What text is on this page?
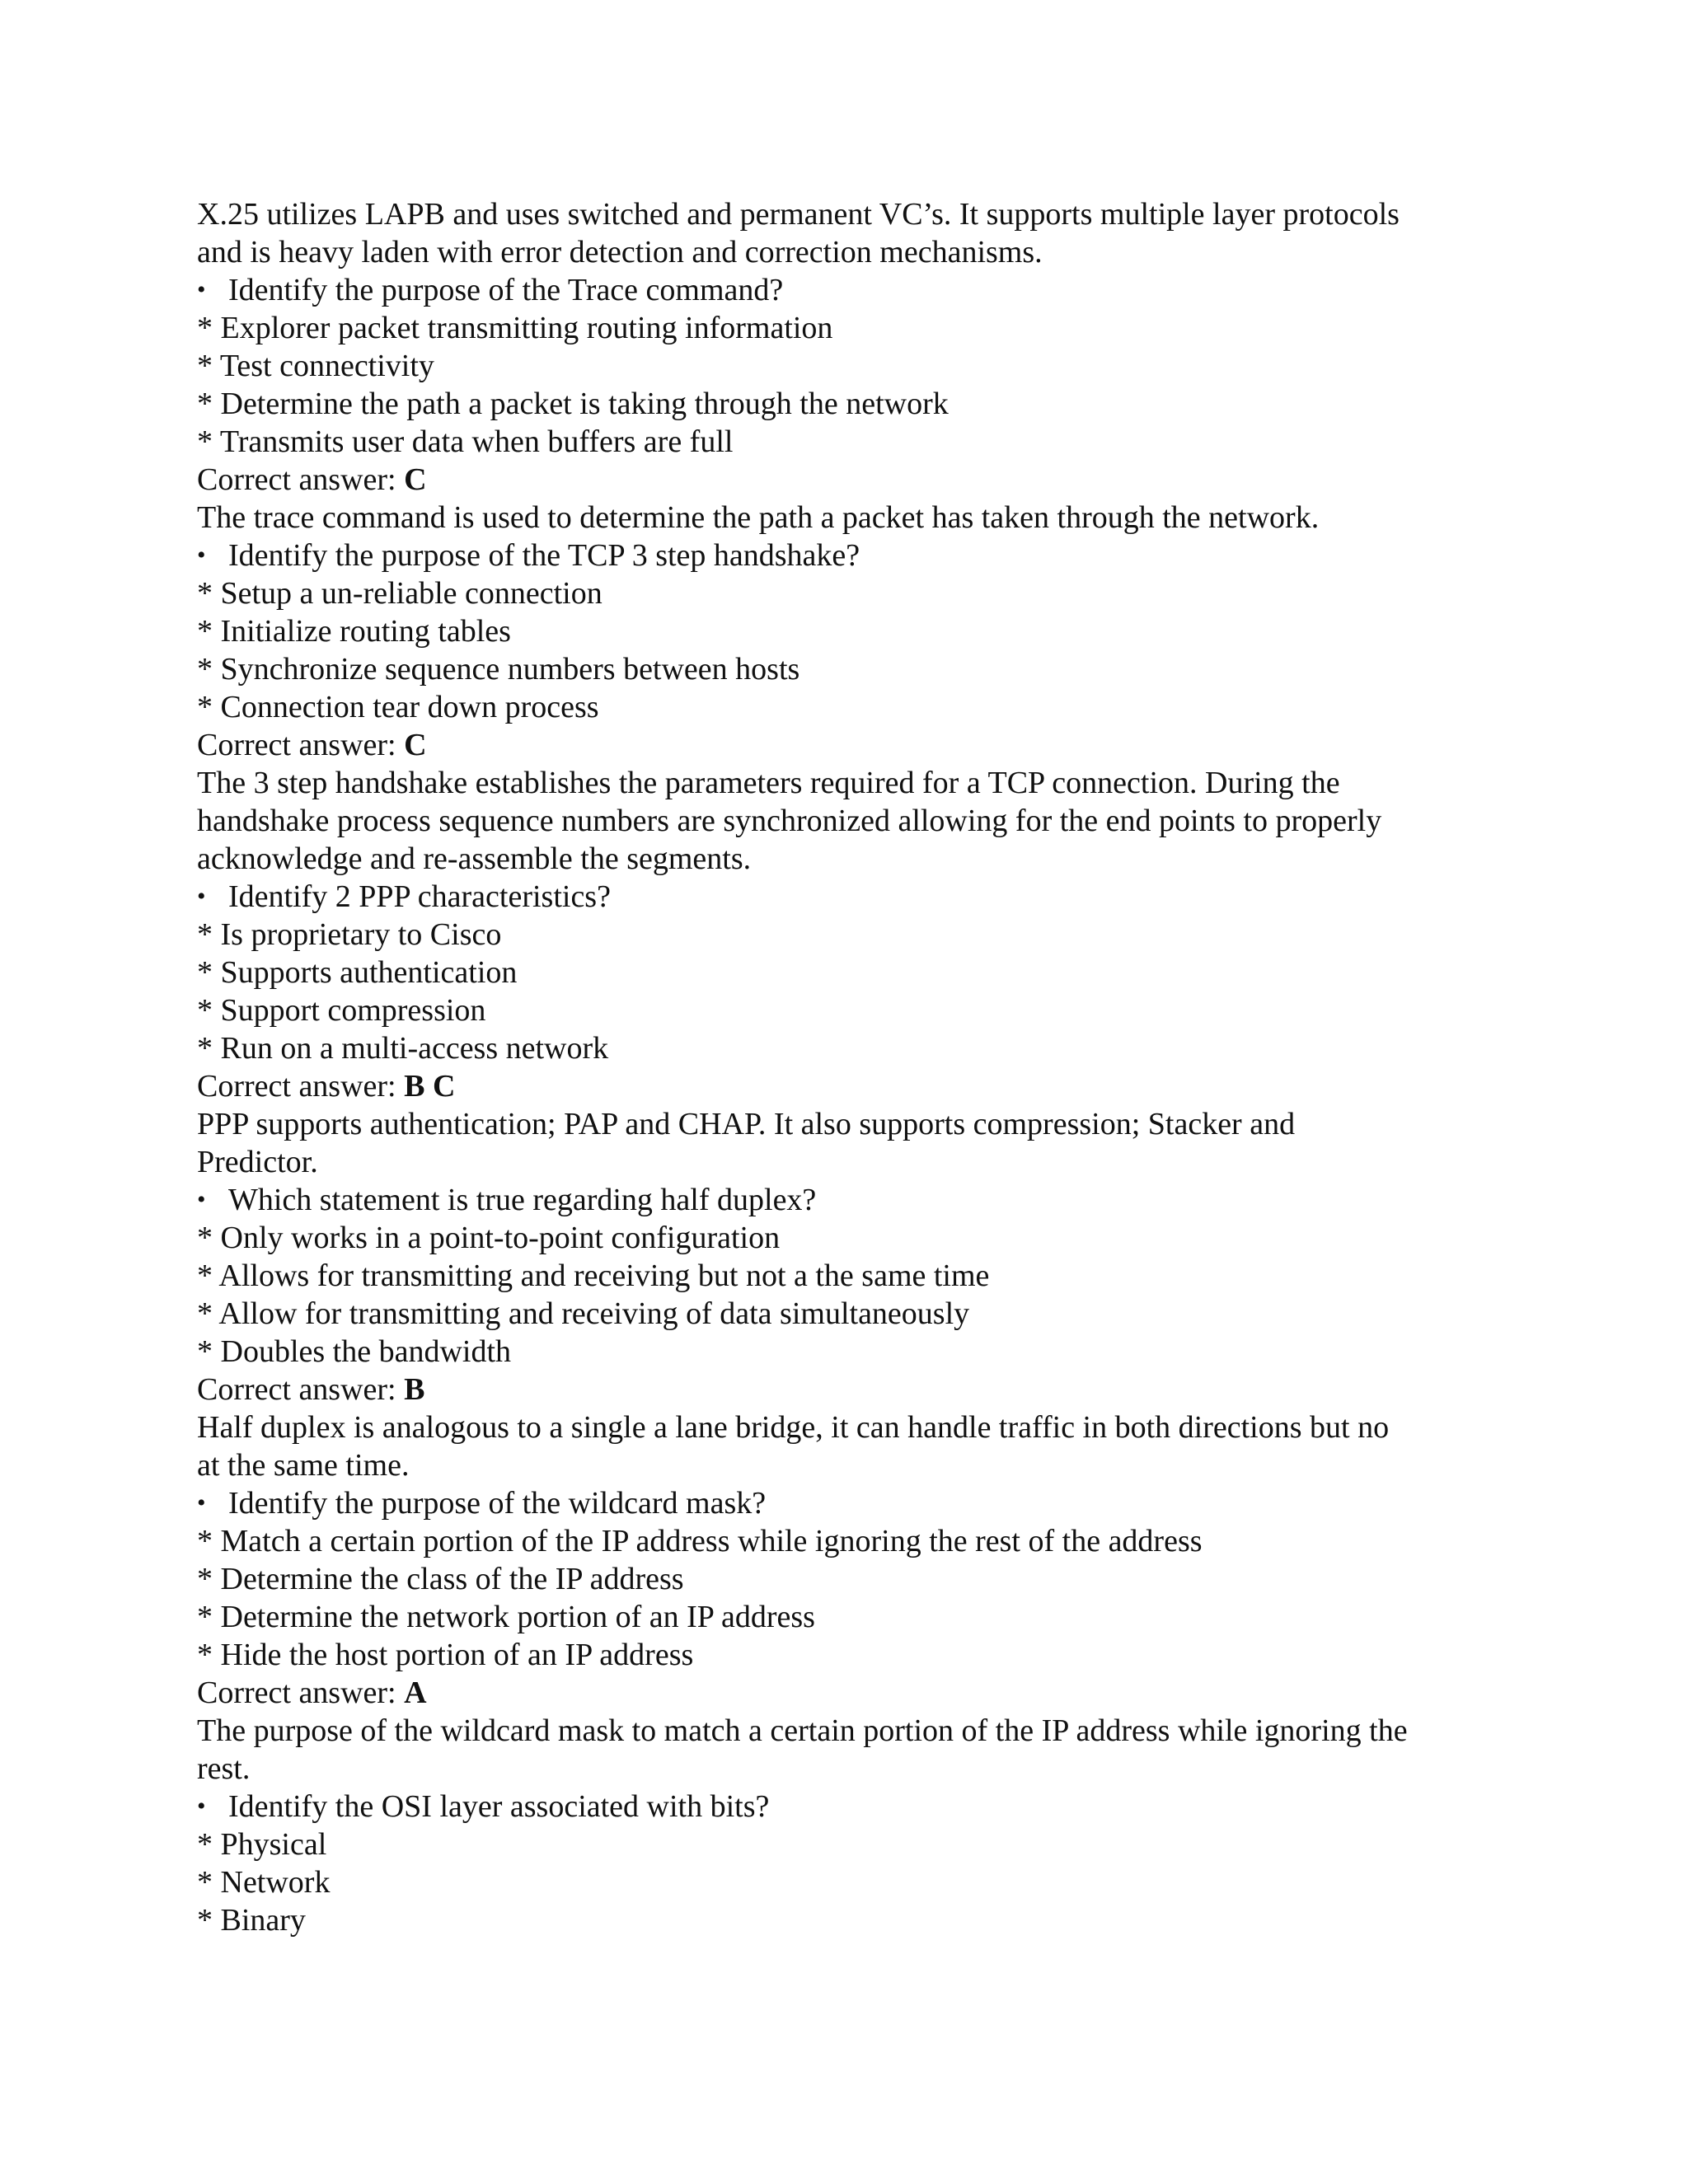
X.25 utilizes LAPB and uses switched and permanent VC’s. It supports multiple layer protocols
and is heavy laden with error detection and correction mechanisms.
• Identify the purpose of the Trace command?
* Explorer packet transmitting routing information
* Test connectivity
* Determine the path a packet is taking through the network
* Transmits user data when buffers are full
Correct answer: C
The trace command is used to determine the path a packet has taken through the network.
• Identify the purpose of the TCP 3 step handshake?
* Setup a un-reliable connection
* Initialize routing tables
* Synchronize sequence numbers between hosts
* Connection tear down process
Correct answer: C
The 3 step handshake establishes the parameters required for a TCP connection. During the
handshake process sequence numbers are synchronized allowing for the end points to properly
acknowledge and re-assemble the segments.
• Identify 2 PPP characteristics?
* Is proprietary to Cisco
* Supports authentication
* Support compression
* Run on a multi-access network
Correct answer: B C
PPP supports authentication; PAP and CHAP. It also supports compression; Stacker and
Predictor.
• Which statement is true regarding half duplex?
* Only works in a point-to-point configuration
* Allows for transmitting and receiving but not a the same time
* Allow for transmitting and receiving of data simultaneously
* Doubles the bandwidth
Correct answer: B
Half duplex is analogous to a single a lane bridge, it can handle traffic in both directions but no
at the same time.
• Identify the purpose of the wildcard mask?
* Match a certain portion of the IP address while ignoring the rest of the address
* Determine the class of the IP address
* Determine the network portion of an IP address
* Hide the host portion of an IP address
Correct answer: A
The purpose of the wildcard mask to match a certain portion of the IP address while ignoring the
rest.
• Identify the OSI layer associated with bits?
* Physical
* Network
* Binary
